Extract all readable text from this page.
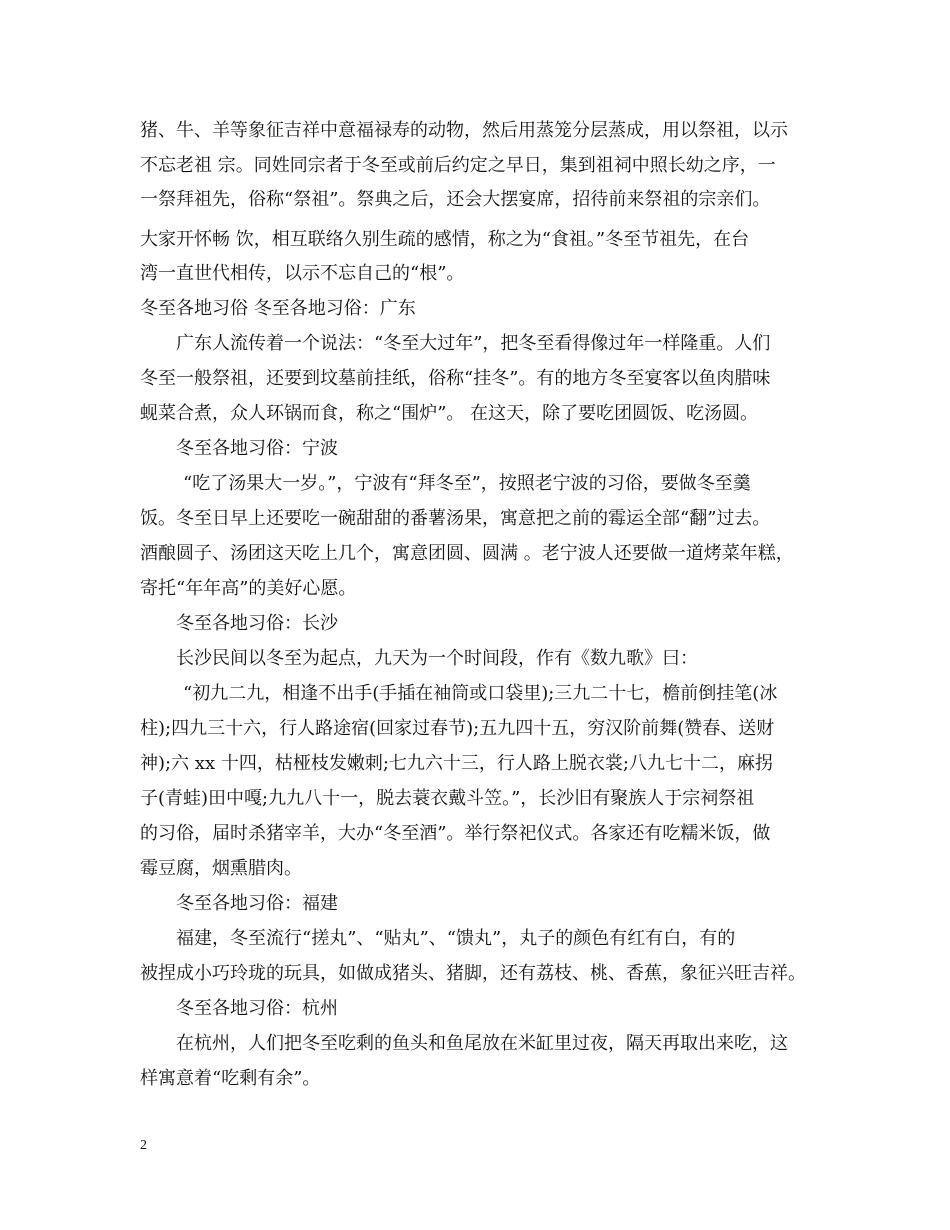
猪、牛、羊等象征吉祥中意福禄寿的动物，然后用蒸笼分层蒸成，用以祭祖，以示

不忘老祖 宗。同姓同宗者于冬至或前后约定之早日，集到祖祠中照长幼之序，一

一祭拜祖先，俗称“祭祖”。祭典之后，还会大摆宴席，招待前来祭祖的宗亲们。

大家开怀畅 饮，相互联络久别生疏的感情，称之为“食祖。”冬至节祖先，在台

湾一直世代相传，以示不忘自己的“根”。

冬至各地习俗 冬至各地习俗：广东

广东人流传着一个说法：“冬至大过年”，把冬至看得像过年一样隆重。人们

冬至一般祭祖，还要到坟墓前挂纸，俗称“挂冬”。有的地方冬至宴客以鱼肉腊味

蚬菜合煮，众人环锅而食，称之“围炉”。 在这天，除了要吃团圆饭、吃汤圆。

冬至各地习俗：宁波

“吃了汤果大一岁。”，宁波有“拜冬至”，按照老宁波的习俗，要做冬至羹

饭。冬至日早上还要吃一碗甜甜的番薯汤果，寓意把之前的霉运全部“翻”过去。

酒酿圆子、汤团这天吃上几个，寓意团圆、圆满 。老宁波人还要做一道烤菜年糕，

寄托“年年高”的美好心愿。

冬至各地习俗：长沙

长沙民间以冬至为起点，九天为一个时间段，作有《数九歌》曰：

“初九二九，相逢不出手(手插在袖筒或口袋里);三九二十七，檐前倒挂笔(冰

柱);四九三十六，行人路途宿(回家过春节);五九四十五，穷汉阶前舞(赞春、送财

神);六 xx 十四，枯桠枝发嫩刺;七九六十三，行人路上脱衣裳;八九七十二，麻拐

子(青蛙)田中嘎;九九八十一，脱去蓑衣戴斗笠。”，长沙旧有聚族人于宗祠祭祖

的习俗，届时杀猪宰羊，大办“冬至酒”。举行祭祀仪式。各家还有吃糯米饭，做

霉豆腐，烟熏腊肉。

冬至各地习俗：福建

福建，冬至流行“搓丸”、“贴丸”、“馈丸”，丸子的颜色有红有白，有的

被捏成小巧玲珑的玩具，如做成猪头、猪脚，还有荔枝、桃、香蕉，象征兴旺吉祥。

冬至各地习俗：杭州

在杭州，人们把冬至吃剩的鱼头和鱼尾放在米缸里过夜，隔天再取出来吃，这

样寓意着“吃剩有余”。

2
